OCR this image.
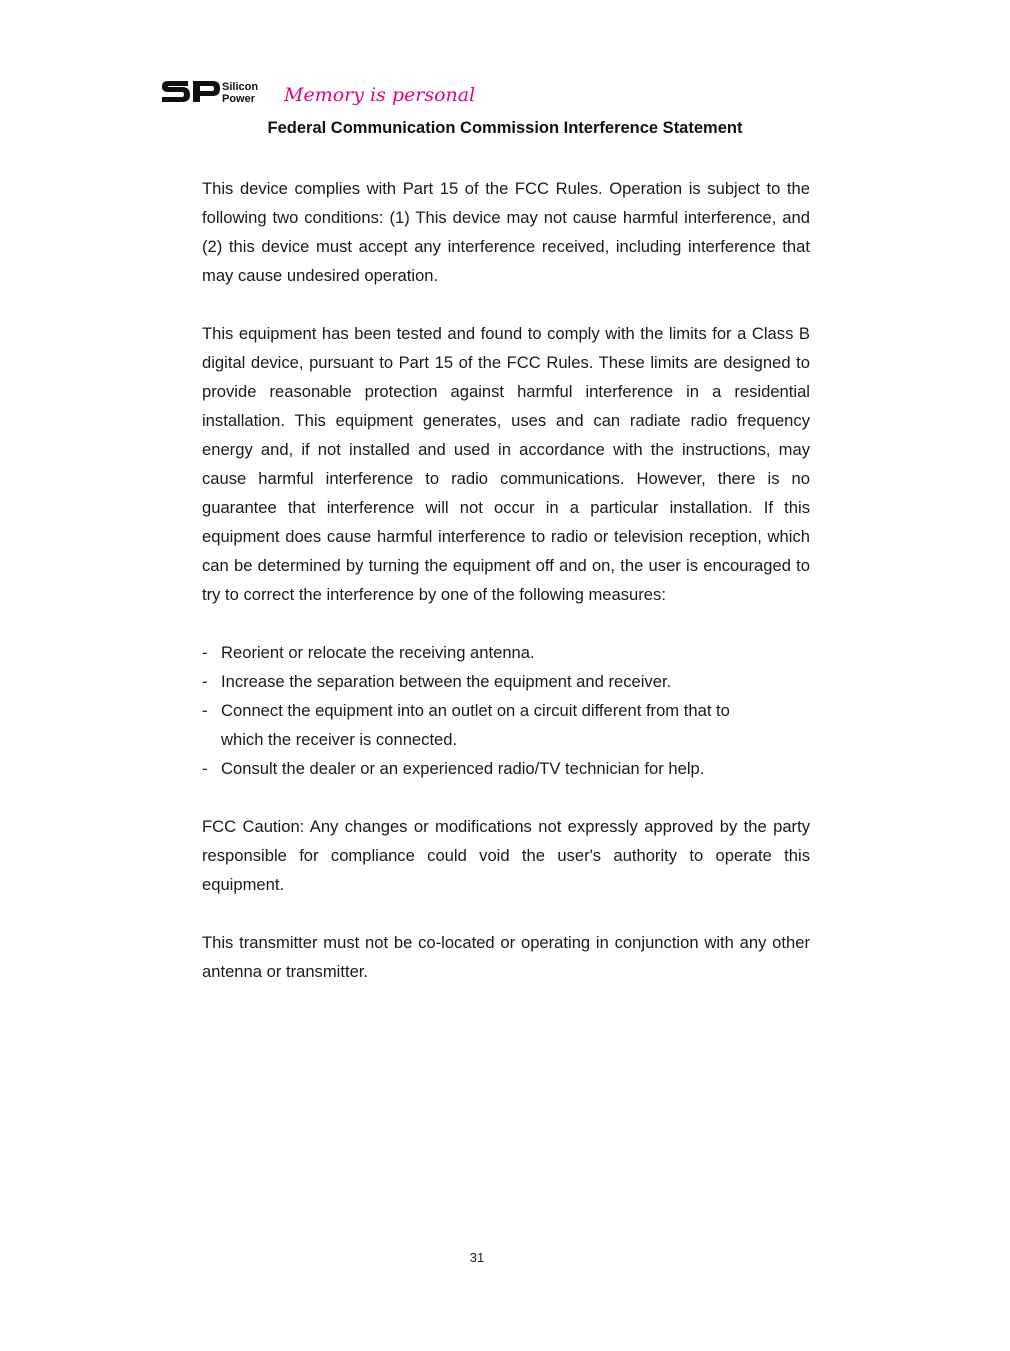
Silicon
Power Memory is personal
Federal Communication Commission Interference Statement

This device complies with Part 15 of the FCC Rules. Operation is subject to the following two conditions: (1) This device may not cause harmful interference, and (2) this device must accept any interference received, including interference that may cause undesired operation.

This equipment has been tested and found to comply with the limits for a Class B digital device, pursuant to Part 15 of the FCC Rules. These limits are designed to provide reasonable protection against harmful interference in a residential installation. This equipment generates, uses and can radiate radio frequency energy and, if not installed and used in accordance with the instructions, may cause harmful interference to radio communications. However, there is no guarantee that interference will not occur in a particular installation. If this equipment does cause harmful interference to radio or television reception, which can be determined by turning the equipment off and on, the user is encouraged to try to correct the interference by one of the following measures:

- Reorient or relocate the receiving antenna.
- Increase the separation between the equipment and receiver.
- Connect the equipment into an outlet on a circuit different from that to which the receiver is connected.
- Consult the dealer or an experienced radio/TV technician for help.

FCC Caution: Any changes or modifications not expressly approved by the party responsible for compliance could void the user's authority to operate this equipment.

This transmitter must not be co-located or operating in conjunction with any other antenna or transmitter.

31
